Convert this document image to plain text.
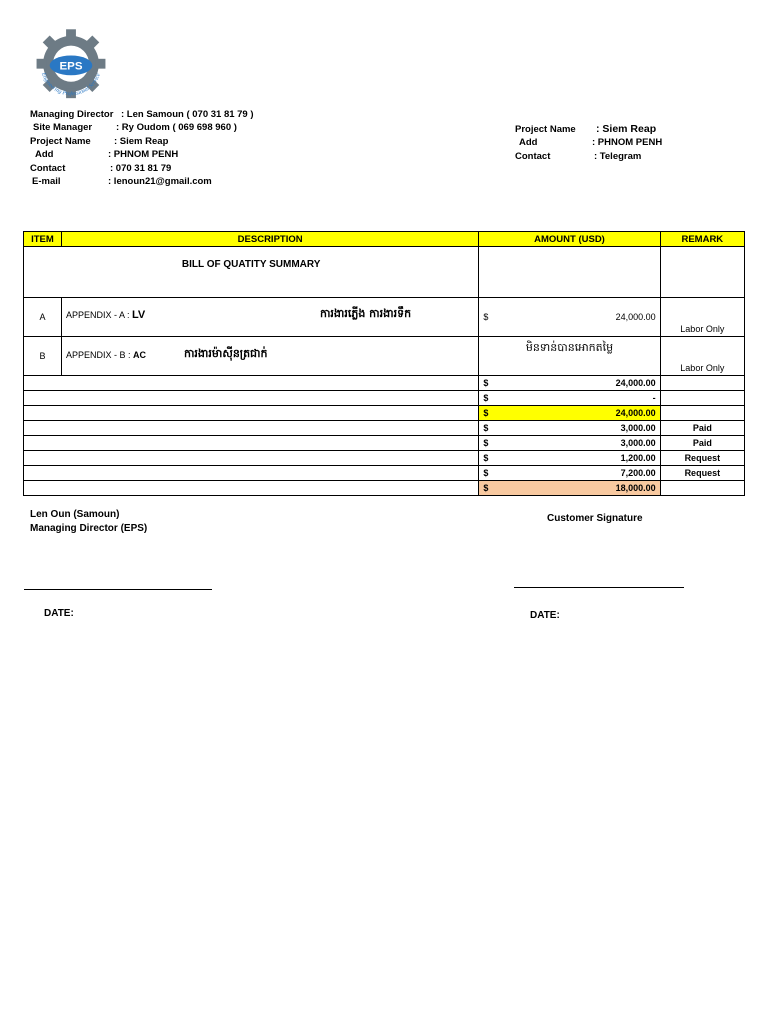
EPS
Engineering Professional Service
Managing Director : Len Samoun ( 070 31 81 79 )
Site Manager	: Ry Oudom ( 069 698 960 )
Project Name : Siem Reap
Add	: PHNOM PENH
Contact	: 070 31 81 79
E-mail	: lenoun21@gmail.com
Project Name : Siem Reap
Add	: PHNOM PENH
Contact	: Telegram
ITEM	DESCRIPTION	AMOUNT (USD)	REMARK
BILL OF QUATITY SUMMARY			
A	APPENDIX - A : LV ការងារភ្លើង ការងារទឹក	$ 24,000.00	Labor Only
B	APPENDIX - B : AC ការងារម៉ាស៊ីនត្រជាក់	មិនទាន់បានអោកតម្លៃ	Labor Only

		$ 24,000.00	

		$ -	

		$ 24,000.00	

		$ 3,000.00	Paid

		$ 3,000.00	Paid

		$ 1,200.00	Request

		$ 7,200.00	Request

		$ 18,000.00	

Len Oun (Samoun)
Managing Director (EPS)
Customer Signature
DATE:	DATE:
